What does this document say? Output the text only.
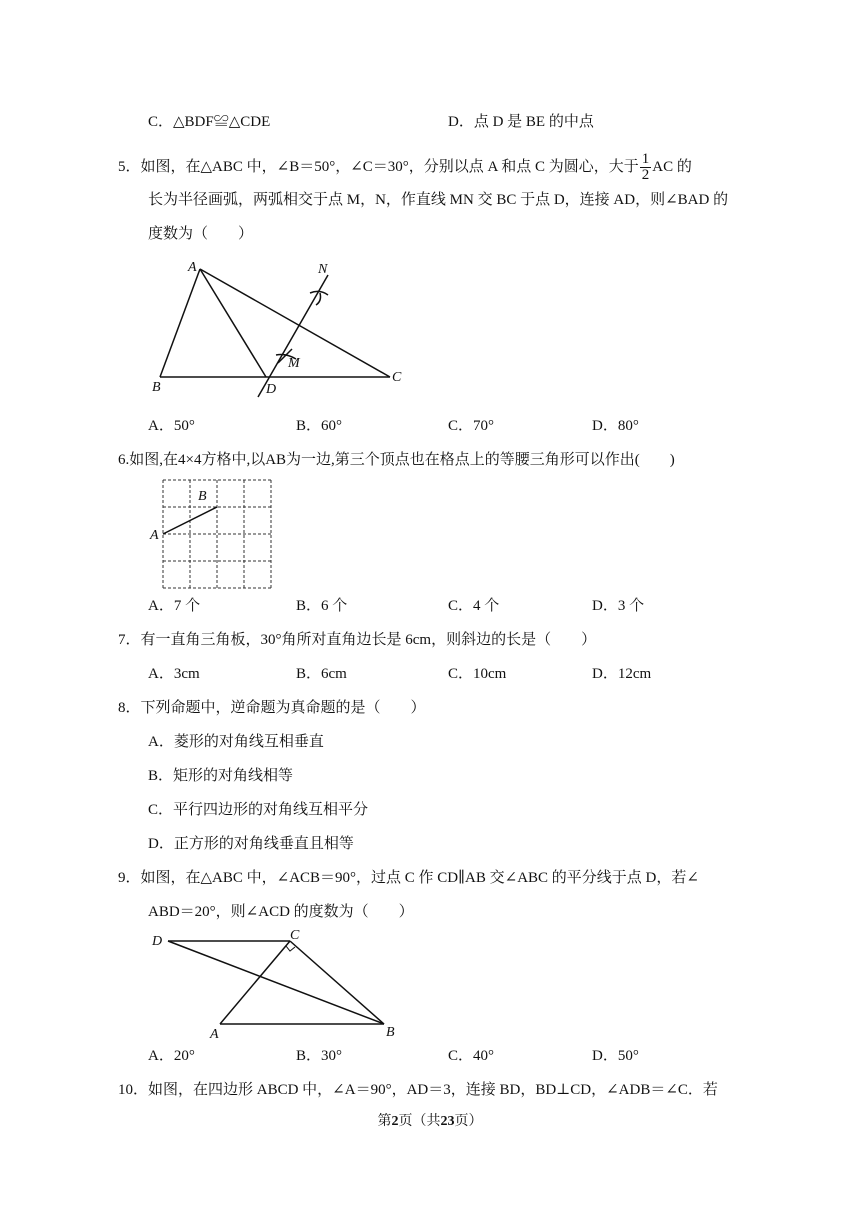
C．△BDF≌△CDE	D．点 D 是 BE 的中点
5．如图，在△ABC 中，∠B＝50°，∠C＝30°，分别以点 A 和点 C 为圆心，大于 $\frac{1}{2}$ AC 的
长为半径画弧，两弧相交于点 M，N，作直线 MN 交 BC 于点 D，连接 AD，则∠BAD 的
度数为（　　）
A
B
C
D
M
N
A．50°	B．60°	C．70°	D．80°
6.如图,在4×4方格中,以AB为一边,第三个顶点也在格点上的等腰三角形可以作出(　　)
A
B
A．7 个	B．6 个	C．4 个	D．3 个
7．有一直角三角板，30°角所对直角边长是 6cm，则斜边的长是（　　）
A．3cm	B．6cm	C．10cm	D．12cm
8．下列命题中，逆命题为真命题的是（　　）
A．菱形的对角线互相垂直
B．矩形的对角线相等
C．平行四边形的对角线互相平分
D．正方形的对角线垂直且相等
9．如图，在△ABC 中，∠ACB＝90°，过点 C 作 CD∥AB 交∠ABC 的平分线于点 D，若∠
ABD＝20°，则∠ACD 的度数为（　　）
D	C
A	B
A．20°	B．30°	C．40°	D．50°
10．如图，在四边形 ABCD 中，∠A＝90°，AD＝3，连接 BD，BD⊥CD，∠ADB＝∠C．若
第2页（共23页）
